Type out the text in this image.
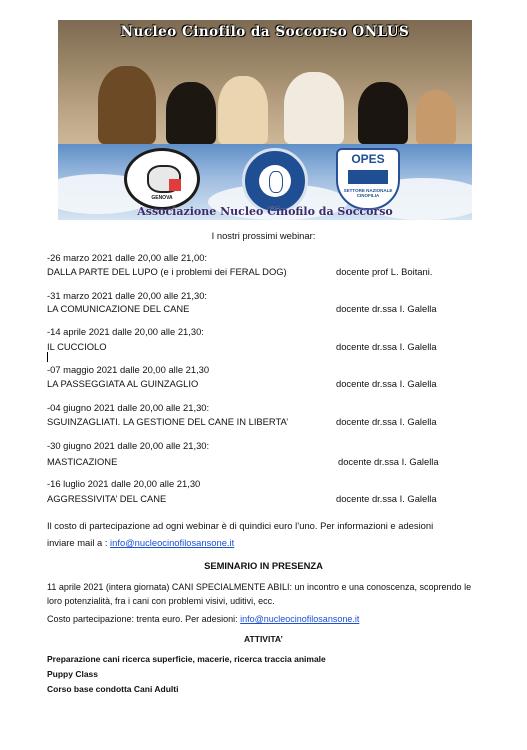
Nucleo Cinofilo da Soccorso ONLUS
GENOVA
OPES
SETTORE NAZIONALE CINOFILIA
Associazione Nucleo Cinofilo da Soccorso
I nostri prossimi webinar:
-26 marzo 2021 dalle 20,00 alle 21,00:
DALLA PARTE DEL LUPO (e i problemi dei FERAL DOG)	docente prof L. Boitani.
-31 marzo 2021 dalle 20,00 alle 21,30:
LA COMUNICAZIONE DEL CANE	docente dr.ssa I. Galella
-14 aprile 2021 dalle 20,00 alle 21,30:
IL CUCCIOLO	docente dr.ssa I. Galella
-07 maggio 2021 dalle 20,00 alle 21,30
LA PASSEGGIATA AL GUINZAGLIO	docente dr.ssa I. Galella
-04 giugno 2021 dalle 20,00 alle 21,30:
SGUINZAGLIATI. LA GESTIONE DEL CANE IN LIBERTA’	docente dr.ssa I. Galella
-30 giugno 2021 dalle 20,00 alle 21,30:
MASTICAZIONE	docente dr.ssa I. Galella
-16 luglio 2021 dalle 20,00 alle 21,30
AGGRESSIVITA’ DEL CANE	docente dr.ssa I. Galella
Il costo di partecipazione ad ogni webinar è di quindici euro l’uno. Per informazioni e adesioni
inviare mail a : info@nucleocinofilosansone.it
SEMINARIO IN PRESENZA
11 aprile 2021 (intera giornata) CANI SPECIALMENTE ABILI: un incontro e una conoscenza, scoprendo le
loro potenzialità, fra i cani con problemi visivi, uditivi, ecc.
Costo partecipazione: trenta euro. Per adesioni: info@nucleocinofilosansone.it
ATTIVITA’
Preparazione cani ricerca superficie, macerie, ricerca traccia animale
Puppy Class
Corso base condotta Cani Adulti
